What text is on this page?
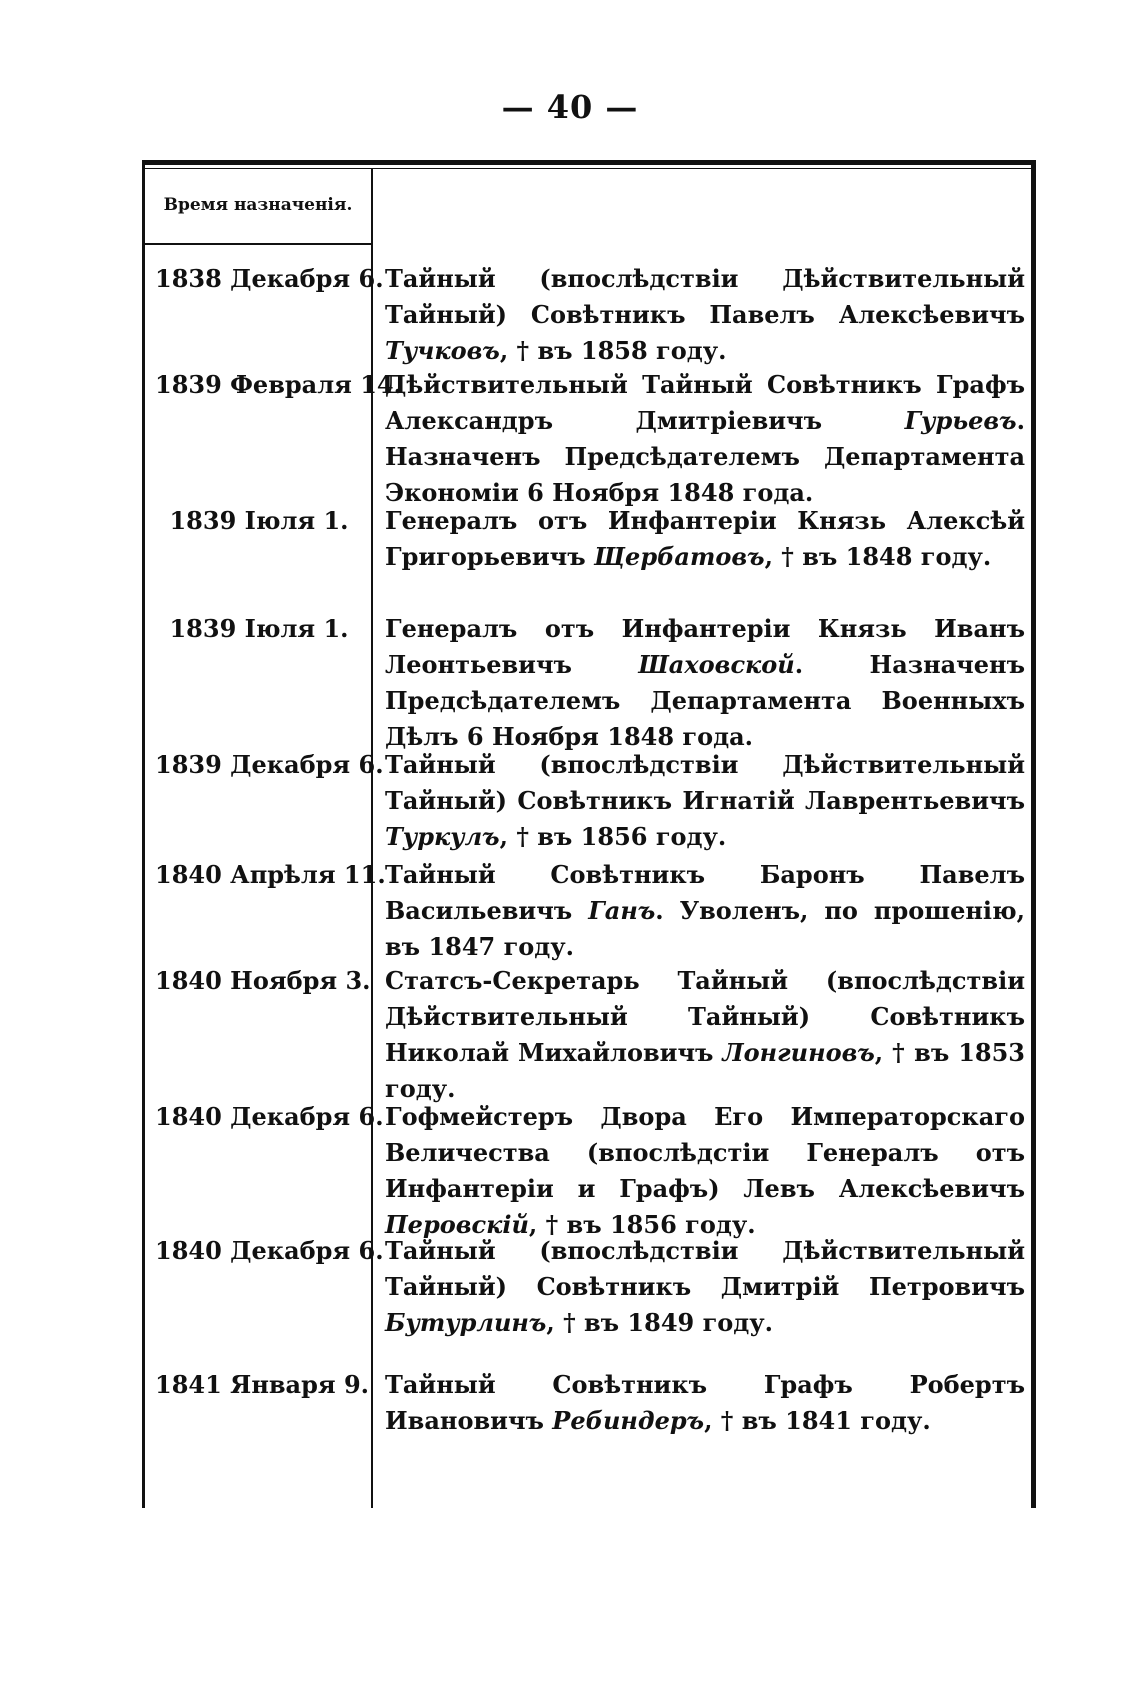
— 40 —
Время назначенія.
1838 Декабря 6. Тайный (впослѣдствіи Дѣйствительный Тайный) Совѣтникъ Павелъ Алексѣевичъ Тучковъ, † въ 1858 году.
1839 Февраля 14.
Дѣйствительный Тайный Совѣтникъ Графъ Александръ Дмитріевичъ Гурьевъ. Назначенъ Предсѣдателемъ Департамента Экономіи 6 Ноября 1848 года.
1839 Іюля 1.	Генералъ отъ Инфантеріи Князь Алексѣй Григорьевичъ Щербатовъ, † въ 1848 году.
1839 Іюля 1.	Генералъ отъ Инфантеріи Князь Иванъ Леонтьевичъ Шаховской. Назначенъ Предсѣдателемъ Департамента Военныхъ Дѣлъ 6 Ноября 1848 года.
1839 Декабря 6. Тайный (впослѣдствіи Дѣйствительный Тайный) Совѣтникъ Игнатій Лаврентьевичъ Туркулъ, † въ 1856 году.
1840 Апрѣля 11. Тайный Совѣтникъ Баронъ Павелъ Васильевичъ Ганъ. Уволенъ, по прошенію, въ 1847 году.
1840 Ноября 3. Статсъ-Секретарь Тайный (впослѣдствіи Дѣйствительный Тайный) Совѣтникъ Николай Михайловичъ Лонгиновъ, † въ 1853 году.
1840 Декабря 6. Гофмейстеръ Двора Его Императорскаго Величества (впослѣдстіи Генералъ отъ Инфантеріи и Графъ) Левъ Алексѣевичъ Перовскій, † въ 1856 году.
1840 Декабря 6. Тайный (впослѣдствіи Дѣйствительный Тайный) Совѣтникъ Дмитрій Петровичъ Бутурлинъ, † въ 1849 году.
1841 Января 9. Тайный Совѣтникъ Графъ Робертъ Ивановичъ Ребиндеръ, † въ 1841 году.
